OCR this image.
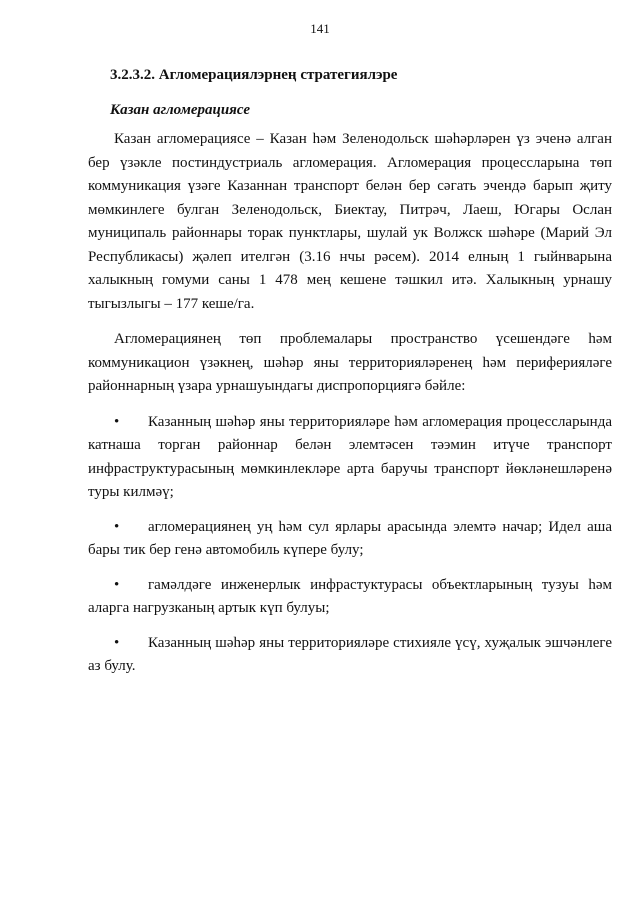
141
3.2.3.2. Агломерациялэрнең стратегиялэре
Казан агломерациясе

Казан агломерациясе – Казан һәм Зеленодольск шәһәрләрен үз эченә алган бер үзәкле постиндустриаль агломерация. Агломерация процессларына төп коммуникация үзәге Казаннан транспорт белән бер сәгать эчендә барып җиту мөмкинлеге булган Зеленодольск, Биектау, Питрәч, Лаеш, Югары Ослан муниципаль районнары торак пунктлары, шулай ук Волжск шәһәре (Марий Эл Республикасы) җәлеп ителгән (3.16 нчы рәсем). 2014 елның 1 гыйнварына халыкның гомуми саны 1 478 мең кешене тәшкил итә. Халыкның урнашу тыгызлыгы – 177 кеше/га.

Агломерациянең төп проблемалары пространство үсешендәге һәм коммуникацион үзәкнең, шәһәр яны территорияләренең һәм периферияләге районнарның үзара урнашуындагы диспропорциягә бәйле:

• Казанның шәһәр яны территорияләре һәм агломерация процессларында катнаша торган районнар белән элемтәсен тәэмин итүче транспорт инфраструктурасының мөмкинлекләре арта баручы транспорт йөкләнешләренә туры килмәү;
• агломерациянең уң һәм сул ярлары арасында элемтә начар; Идел аша бары тик бер генә автомобиль күпере булу;
• гамәлдәге инженерлык инфрастуктурасы объектларының тузуы һәм аларга нагрузканың артык күп булуы;
• Казанның шәһәр яны территорияләре стихияле үсү, хуҗалык эшчәнлеге аз булу.
